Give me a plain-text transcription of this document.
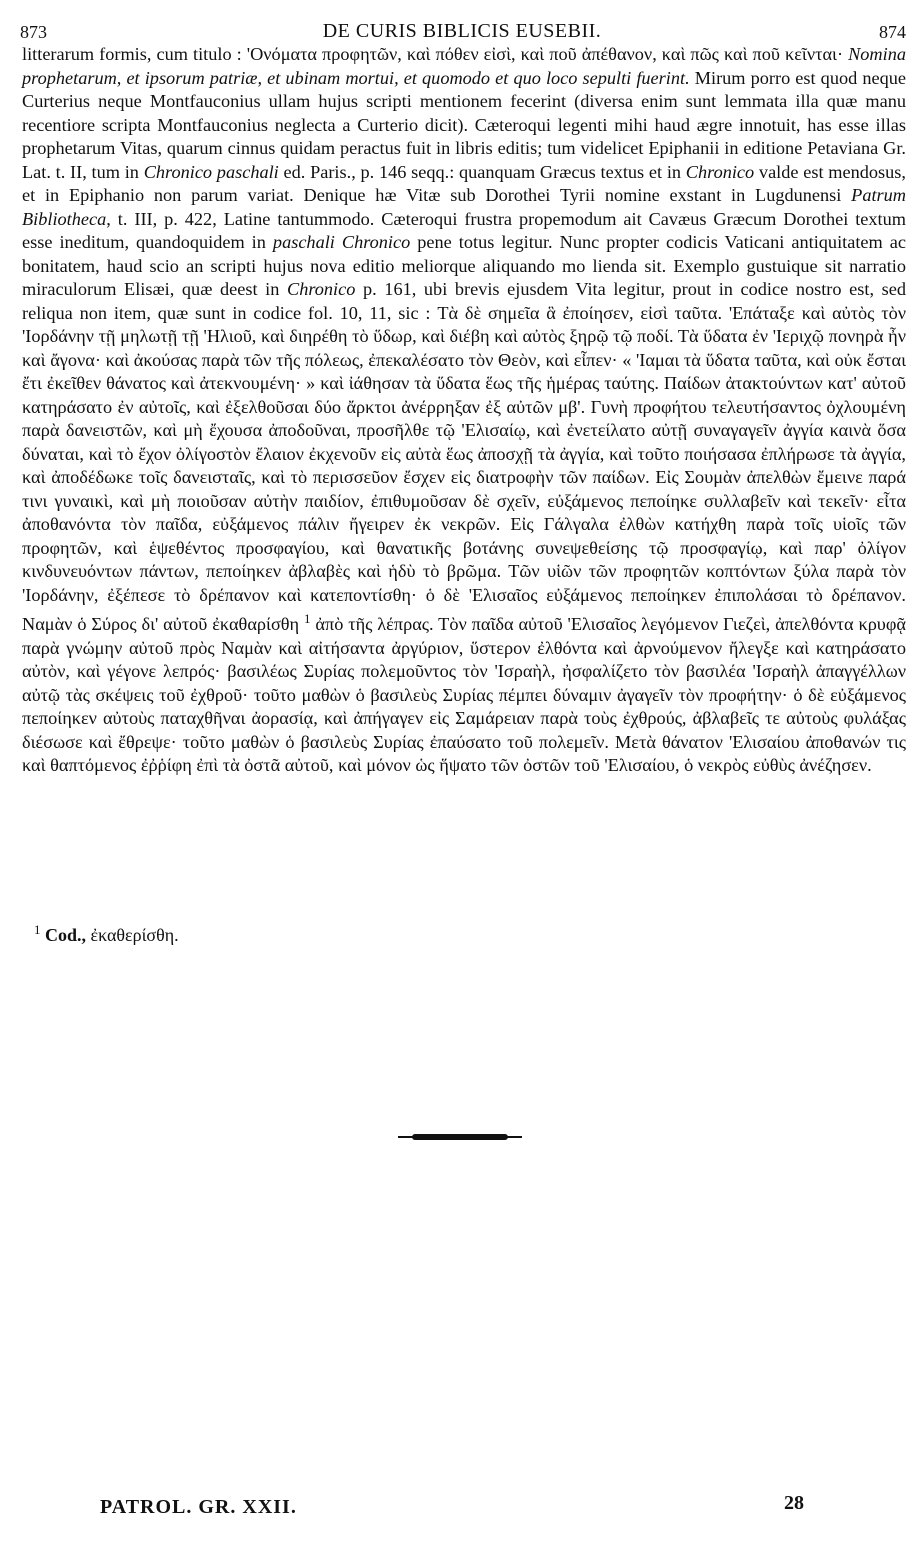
873	DE CURIS BIBLICIS EUSEBII.	874

litterarum formis, cum titulo : 'Ονόματα προφητῶν, καὶ πόθεν εἰσὶ, καὶ ποῦ ἀπέθανον, καὶ πῶς καὶ ποῦ κεῖνται· Nomina prophetarum, et ipsorum patriæ, et ubinam mortui, et quomodo et quo loco sepulti fuerint. Mirum porro est quod neque Curterius neque Montfauconius ullam hujus scripti mentionem fecerint (diversa enim sunt lemmata illa quæ manu recentiore scripta Montfauconius neglecta a Curterio dicit). Cæteroqui legenti mihi haud ægre innotuit, has esse illas prophetarum Vitas, quarum cinnus quidam peractus fuit in libris editis; tum videlicet Epiphanii in editione Petaviana Gr. Lat. t. II, tum in Chronico paschali ed. Paris., p. 146 seqq.: quanquam Græcus textus et in Chronico valde est mendosus, et in Epiphanio non parum variat. Denique hæ Vitæ sub Dorothei Tyrii nomine exstant in Lugdunensi Patrum Bibliotheca, t. III, p. 422, Latine tantummodo. Cæteroqui frustra propemodum ait Cavæus Græcum Dorothei textum esse ineditum, quandoquidem in paschali Chronico pene totus legitur. Nunc propter codicis Vaticani antiquitatem ac bonitatem, haud scio an scripti hujus nova editio meliorque aliquando mo lienda sit. Exemplo gustuique sit narratio miraculorum Elisæi, quæ deest in Chronico p. 161, ubi brevis ejusdem Vita legitur, prout in codice nostro est, sed reliqua non item, quæ sunt in codice fol. 10, 11, sic : Τὰ δὲ σημεῖα ἃ ἐποίησεν, εἰσὶ ταῦτα. 'Επάταξε καὶ αὐτὸς τὸν 'Ιορδάνην τῇ μηλωτῇ τῇ 'Ηλιοῦ, καὶ διηρέθη τὸ ὕδωρ, καὶ διέβη καὶ αὐτὸς ξηρῷ τῷ ποδί. Τὰ ὕδατα ἐν 'Ιεριχῷ πονηρὰ ἦν καὶ ἄγονα· καὶ ἀκούσας παρὰ τῶν τῆς πόλεως, ἐπεκαλέσατο τὸν Θεὸν, καὶ εἶπεν· « 'Ιαμαι τὰ ὕδατα ταῦτα, καὶ οὐκ ἔσται ἔτι ἐκεῖθεν θάνατος καὶ ἀτεκνουμένη· » καὶ ἰάθησαν τὰ ὕδατα ἕως τῆς ἡμέρας ταύτης. Παίδων ἀτακτούντων κατ' αὐτοῦ κατηράσατο ἐν αὐτοῖς, καὶ ἐξελθοῦσαι δύο ἄρκτοι ἀνέρρηξαν ἐξ αὐτῶν μβ'. Γυνὴ προφήτου τελευτήσαντος ὀχλουμένη παρὰ δανειστῶν, καὶ μὴ ἔχουσα ἀποδοῦναι, προσῆλθε τῷ 'Ελισαίῳ, καὶ ἐνετείλατο αὐτῇ συναγαγεῖν ἀγγία καινὰ ὅσα δύναται, καὶ τὸ ἔχον ὀλίγοστὸν ἔλαιον ἐκχενοῦν εἰς αὐτὰ ἕως ἀποσχῇ τὰ ἀγγία, καὶ τοῦτο ποιήσασα ἐπλήρωσε τὰ ἀγγία, καὶ ἀποδέδωκε τοῖς δανεισταῖς, καὶ τὸ περισσεῦον ἔσχεν εἰς διατροφὴν τῶν παίδων. Εἰς Σουμὰν ἀπελθὼν ἔμεινε παρά τινι γυναικὶ, καὶ μὴ ποιοῦσαν αὐτὴν παιδίον, ἐπιθυμοῦσαν δὲ σχεῖν, εὐξάμενος πεποίηκε συλλαβεῖν καὶ τεκεῖν· εἶτα ἀποθανόντα τὸν παῖδα, εὐξάμενος πάλιν ἤγειρεν ἐκ νεκρῶν. Εἰς Γάλγαλα ἐλθὼν κατήχθη παρὰ τοῖς υἱοῖς τῶν προφητῶν, καὶ ἑψεθέντος προσφαγίου, καὶ θανατικῆς βοτάνης συνεψεθείσης τῷ προσφαγίῳ, καὶ παρ' ὀλίγον κινδυνευόντων πάντων, πεποίηκεν ἀβλαβὲς καὶ ἡδὺ τὸ βρῶμα. Τῶν υἱῶν τῶν προφητῶν κοπτόντων ξύλα παρὰ τὸν 'Ιορδάνην, ἐξέπεσε τὸ δρέπανον καὶ κατεποντίσθη· ὁ δὲ 'Ελισαῖος εὐξάμενος πεποίηκεν ἐπιπολάσαι τὸ δρέπανον. Ναμὰν ὁ Σύρος δι' αὐτοῦ ἐκαθαρίσθη $^1$ ἀπὸ τῆς λέπρας. Τὸν παῖδα αὐτοῦ 'Ελισαῖος λεγόμενον Γιεζεὶ, ἀπελθόντα κρυφᾷ παρὰ γνώμην αὐτοῦ πρὸς Ναμὰν καὶ αἰτήσαντα ἀργύριον, ὕστερον ἐλθόντα καὶ ἀρνούμενον ἤλεγξε καὶ κατηράσατο αὐτὸν, καὶ γέγονε λεπρός· βασιλέως Συρίας πολεμοῦντος τὸν 'Ισραὴλ, ἠσφαλίζετο τὸν βασιλέα 'Ισραὴλ ἀπαγγέλλων αὐτῷ τὰς σκέψεις τοῦ ἐχθροῦ· τοῦτο μαθὼν ὁ βασιλεὺς Συρίας πέμπει δύναμιν ἀγαγεῖν τὸν προφήτην· ὁ δὲ εὐξάμενος πεποίηκεν αὐτοὺς παταχθῆναι ἀορασίᾳ, καὶ ἀπήγαγεν εἰς Σαμάρειαν παρὰ τοὺς ἐχθρούς, ἀβλαβεῖς τε αὐτοὺς φυλάξας διέσωσε καὶ ἔθρεψε· τοῦτο μαθὼν ὁ βασιλεὺς Συρίας ἐπαύσατο τοῦ πολεμεῖν. Μετὰ θάνατον 'Ελισαίου ἀποθανών τις καὶ θαπτόμενος ἐῤῥίφη ἐπὶ τὰ ὀστᾶ αὐτοῦ, καὶ μόνον ὡς ἥψατο τῶν ὀστῶν τοῦ 'Ελισαίου, ὁ νεκρὸς εὐθὺς ἀνέζησεν.

$^1$ Cod., ἐκαθερίσθη.
PATROL. GR. XXII.	28
